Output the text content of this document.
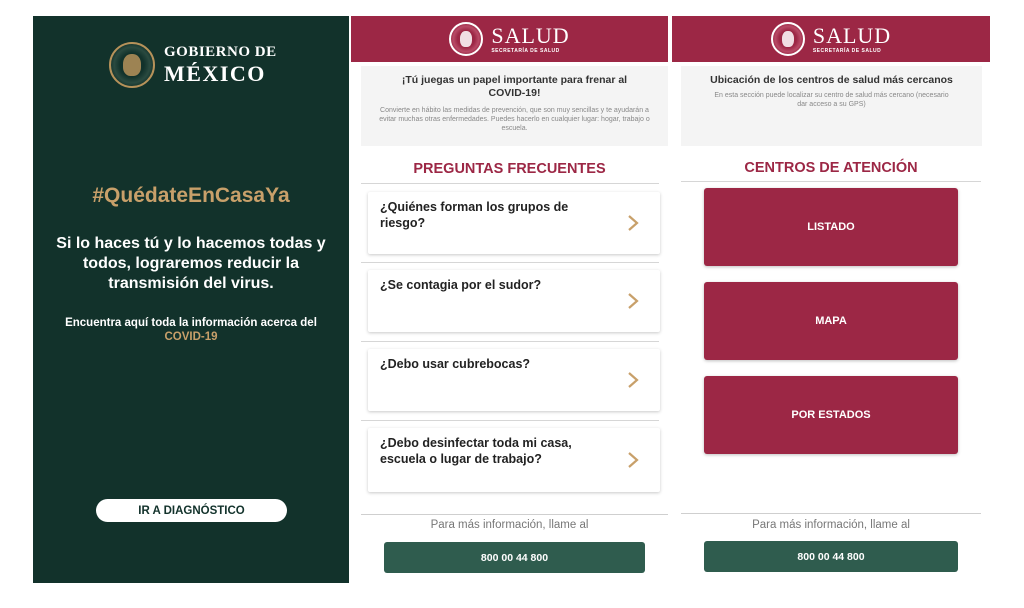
GOBIERNO DE
MÉXICO
#QuédateEnCasaYa
Si lo haces tú y lo hacemos todas y todos, lograremos reducir la transmisión del virus.
Encuentra aquí toda la información acerca del
COVID-19
IR A DIAGNÓSTICO
SALUD
SECRETARÍA DE SALUD
¡Tú juegas un papel importante para frenar al COVID-19!
Convierte en hábito las medidas de prevención, que son muy sencillas y te ayudarán a evitar muchas otras enfermedades. Puedes hacerlo en cualquier lugar: hogar, trabajo o escuela.
PREGUNTAS FRECUENTES
¿Quiénes forman los grupos de riesgo?
¿Se contagia por el sudor?
¿Debo usar cubrebocas?
¿Debo desinfectar toda mi casa, escuela o lugar de trabajo?
Para más información, llame al
800 00 44 800
SALUD
SECRETARÍA DE SALUD
Ubicación de los centros de salud más cercanos
En esta sección puede localizar su centro de salud más cercano (necesario dar acceso a su GPS)
CENTROS DE ATENCIÓN
LISTADO
MAPA
POR ESTADOS
Para más información, llame al
800 00 44 800
